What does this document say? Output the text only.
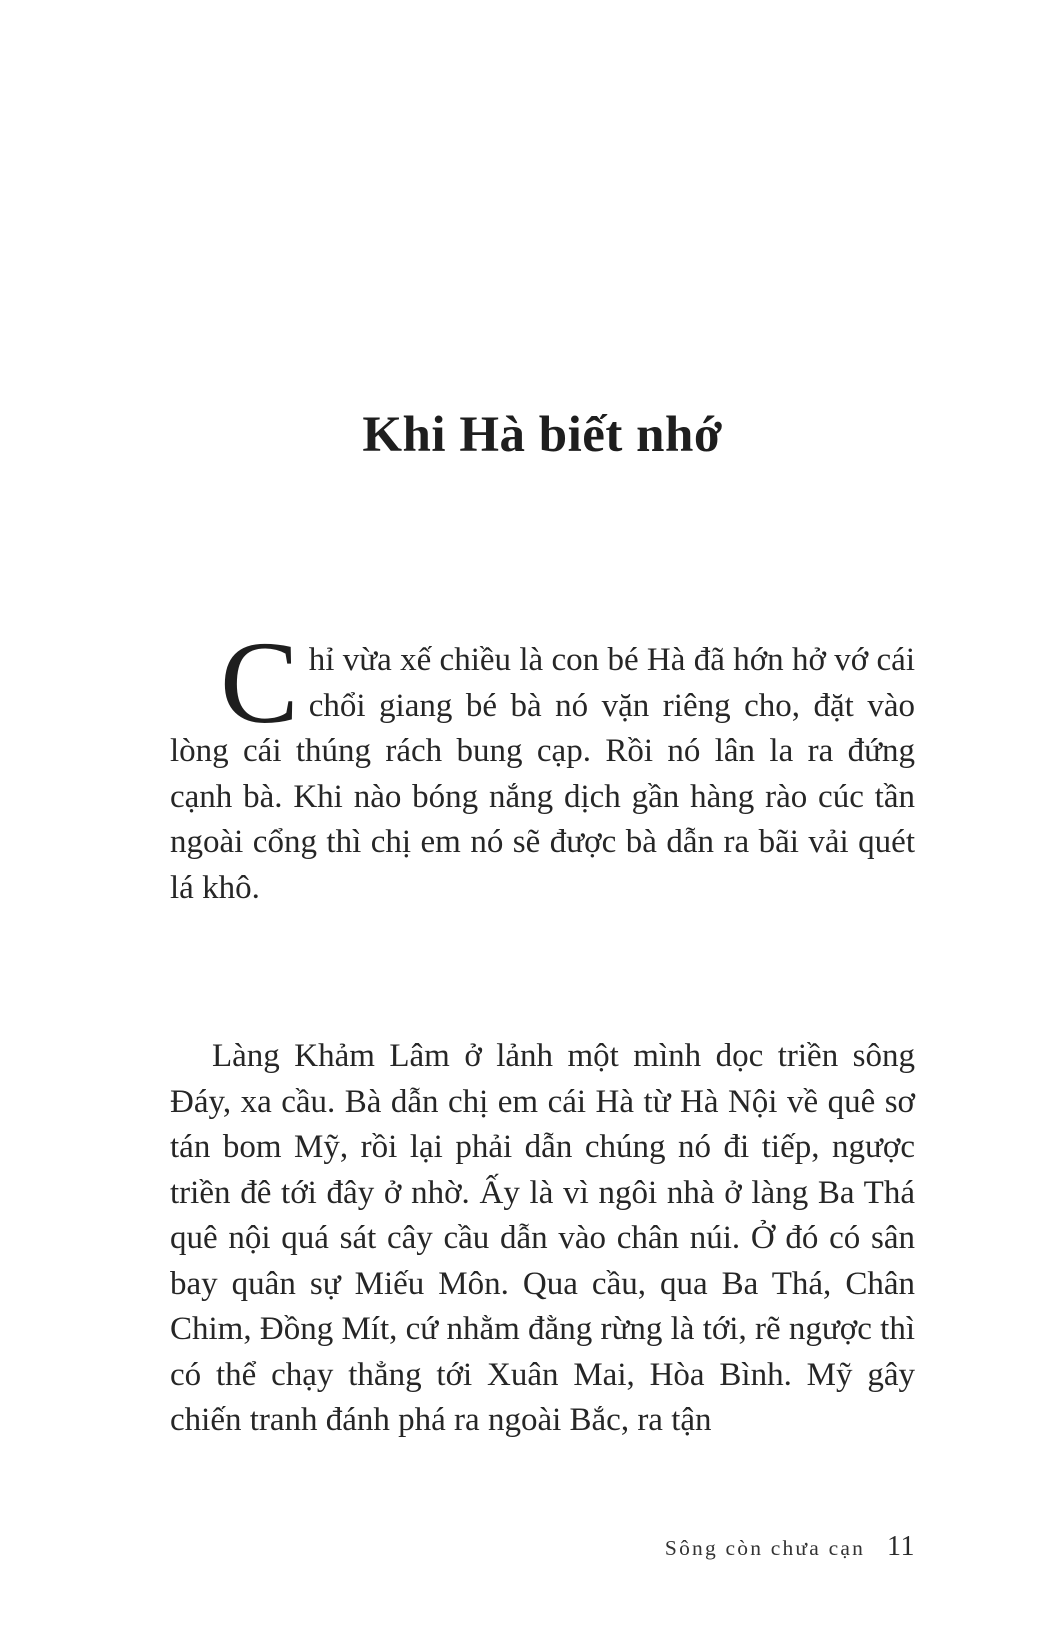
Khi Hà biết nhớ

Chỉ vừa xế chiều là con bé Hà đã hớn hở vớ cái chổi giang bé bà nó vặn riêng cho, đặt vào lòng cái thúng rách bung cạp. Rồi nó lân la ra đứng cạnh bà. Khi nào bóng nắng dịch gần hàng rào cúc tần ngoài cổng thì chị em nó sẽ được bà dẫn ra bãi vải quét lá khô.

Làng Khảm Lâm ở lảnh một mình dọc triền sông Đáy, xa cầu. Bà dẫn chị em cái Hà từ Hà Nội về quê sơ tán bom Mỹ, rồi lại phải dẫn chúng nó đi tiếp, ngược triền đê tới đây ở nhờ. Ấy là vì ngôi nhà ở làng Ba Thá quê nội quá sát cây cầu dẫn vào chân núi. Ở đó có sân bay quân sự Miếu Môn. Qua cầu, qua Ba Thá, Chân Chim, Đồng Mít, cứ nhằm đằng rừng là tới, rẽ ngược thì có thể chạy thẳng tới Xuân Mai, Hòa Bình. Mỹ gây chiến tranh đánh phá ra ngoài Bắc, ra tận

Sông còn chưa cạn 11
